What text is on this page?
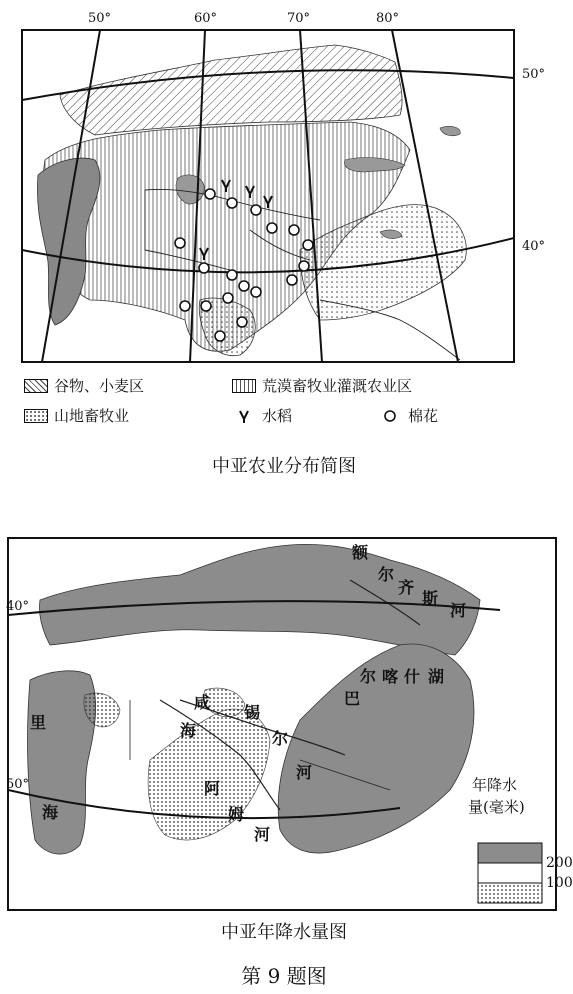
50°	60°	70°	80°
50°
40°
谷物、小麦区	荒漠畜牧业灌溉农业区
山地畜牧业	水稻	棉花
中亚农业分布简图
40°
50°
里
海
额
尔
齐
斯
河
巴
尔 喀 什 湖
锡
尔
河
阿
姆
河
咸
海
年降水
量(毫米)
200
100
中亚年降水量图
第 9 题图
